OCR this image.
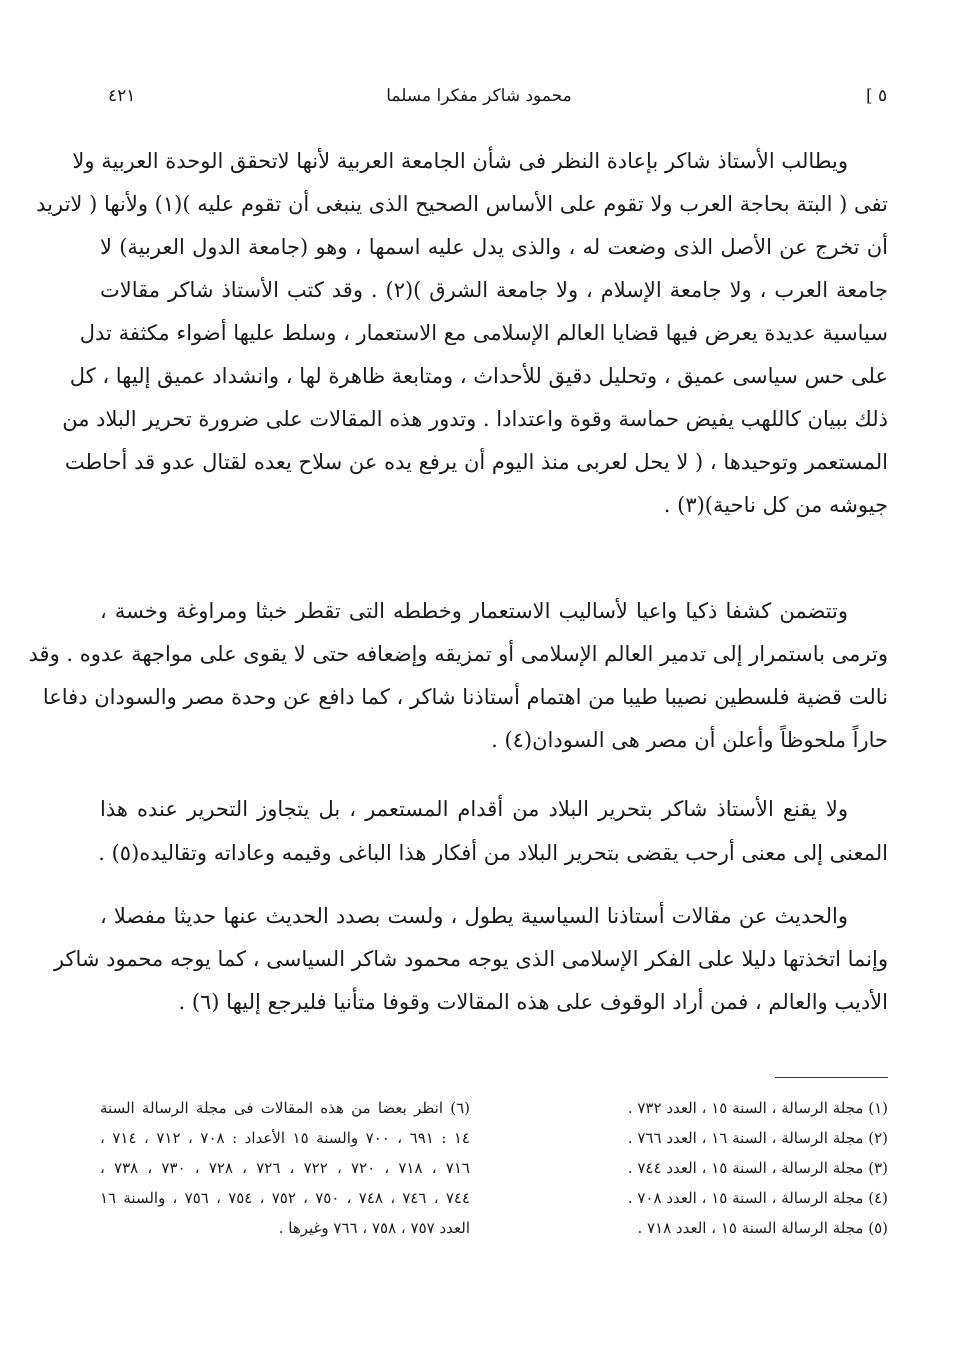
٤٢١	محمود شاكر مفكرا مسلما	[ ٥
ويطالب الأستاذ شاكر بإعادة النظر فى شأن الجامعة العربية لأنها لاتحقق الوحدة العربية ولا
تفى ( البتة بحاجة العرب ولا تقوم على الأساس الصحيح الذى ينبغى أن تقوم عليه )(١) ولأنها ( لاتريد
أن تخرج عن الأصل الذى وضعت له ، والذى يدل عليه اسمها ، وهو (جامعة الدول العربية) لا
جامعة العرب ، ولا جامعة الإسلام ، ولا جامعة الشرق )(٢) . وقد كتب الأستاذ شاكر مقالات
سياسية عديدة يعرض فيها قضايا العالم الإسلامى مع الاستعمار ، وسلط عليها أضواء مكثفة تدل
على حس سياسى عميق ، وتحليل دقيق للأحداث ، ومتابعة ظاهرة لها ، وانشداد عميق إليها ، كل
ذلك ببيان كاللهب يفيض حماسة وقوة واعتدادا . وتدور هذه المقالات على ضرورة تحرير البلاد من
المستعمر وتوحيدها ، ( لا يحل لعربى منذ اليوم أن يرفع يده عن سلاح يعده لقتال عدو قد أحاطت
جيوشه من كل ناحية)(٣) .
وتتضمن كشفا ذكيا واعيا لأساليب الاستعمار وخططه التى تقطر خبثا ومراوغة وخسة ،
وترمى باستمرار إلى تدمير العالم الإسلامى أو تمزيقه وإضعافه حتى لا يقوى على مواجهة عدوه . وقد
نالت قضية فلسطين نصيبا طيبا من اهتمام أستاذنا شاكر ، كما دافع عن وحدة مصر والسودان دفاعا
حاراً ملحوظاً وأعلن أن مصر هى السودان(٤) .
ولا يقنع الأستاذ شاكر بتحرير البلاد من أقدام المستعمر ، بل يتجاوز التحرير عنده هذا
المعنى إلى معنى أرحب يقضى بتحرير البلاد من أفكار هذا الباغى وقيمه وعاداته وتقاليده(٥) .
والحديث عن مقالات أستاذنا السياسية يطول ، ولست بصدد الحديث عنها حديثا مفصلا ،
وإنما اتخذتها دليلا على الفكر الإسلامى الذى يوجه محمود شاكر السياسى ، كما يوجه محمود شاكر
الأديب والعالم ، فمن أراد الوقوف على هذه المقالات وقوفا متأنيا فليرجع إليها (٦) .
(١) مجلة الرسالة ، السنة ١٥ ، العدد ٧٣٢ .
(٢) مجلة الرسالة ، السنة ١٦ ، العدد ٧٦٦ .
(٣) مجلة الرسالة ، السنة ١٥ ، العدد ٧٤٤ .
(٤) مجلة الرسالة ، السنة ١٥ ، العدد ٧٠٨ .
(٥) مجلة الرسالة السنة ١٥ ، العدد ٧١٨ .
(٦) انظر بعضا من هذه المقالات فى مجلة الرسالة السنة
١٤ : ٦٩١ ، ٧٠٠ والسنة ١٥ الأعداد : ٧٠٨ ، ٧١٢ ، ٧١٤ ،
٧١٦ ، ٧١٨ ، ٧٢٠ ، ٧٢٢ ، ٧٢٦ ، ٧٢٨ ، ٧٣٠ ، ٧٣٨ ،
٧٤٤ ، ٧٤٦ ، ٧٤٨ ، ٧٥٠ ، ٧٥٢ ، ٧٥٤ ، ٧٥٦ ، والسنة ١٦
العدد ٧٥٧ ، ٧٥٨ ، ٧٦٦ وغيرها .
